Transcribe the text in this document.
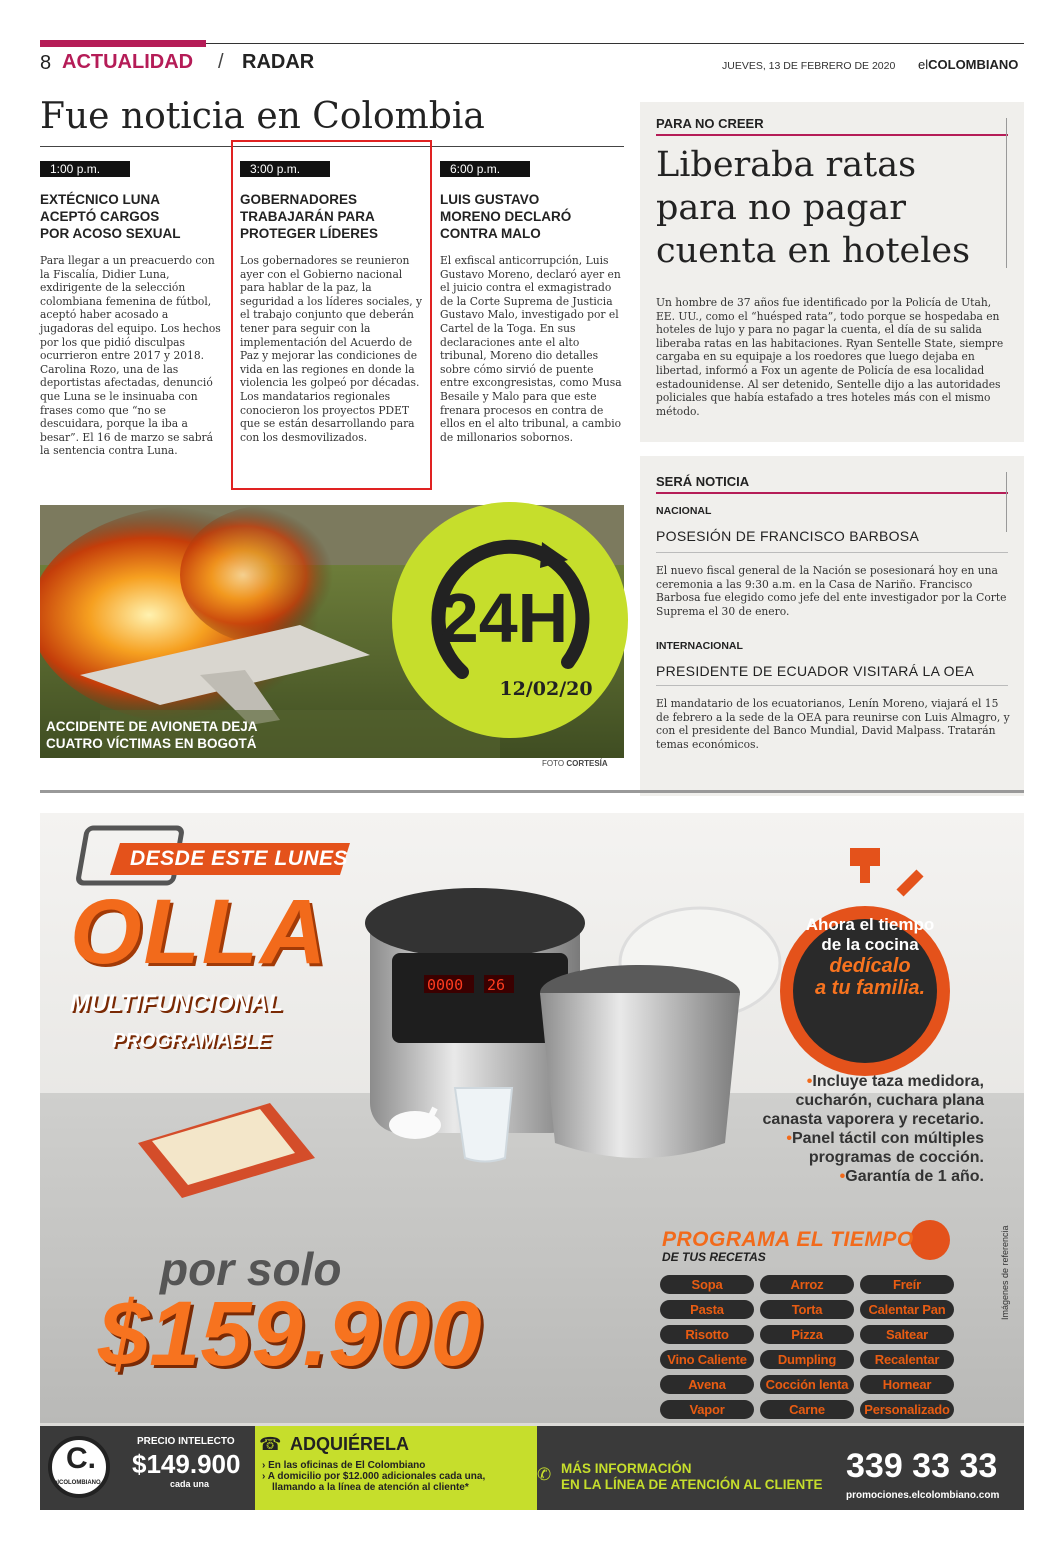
8 ACTUALIDAD / RADAR	JUEVES, 13 DE FEBRERO DE 2020 elCOLOMBIANO
Fue noticia en Colombia
1:00 p.m.
EXTÉCNICO LUNA
ACEPTÓ CARGOS
POR ACOSO SEXUAL
Para llegar a un preacuerdo con la Fiscalía, Didier Luna, exdirigente de la selección colombiana femenina de fútbol, aceptó haber acosado a jugadoras del equipo. Los hechos por los que pidió disculpas ocurrieron entre 2017 y 2018. Carolina Rozo, una de las deportistas afectadas, denunció que Luna se le insinuaba con frases como que “no se descuidara, porque la iba a besar”. El 16 de marzo se sabrá la sentencia contra Luna.
3:00 p.m.
GOBERNADORES
TRABAJARÁN PARA
PROTEGER LÍDERES
Los gobernadores se reunieron ayer con el Gobierno nacional para hablar de la paz, la seguridad a los líderes sociales, y el trabajo conjunto que deberán tener para seguir con la implementación del Acuerdo de Paz y mejorar las condiciones de vida en las regiones en donde la violencia les golpeó por décadas. Los mandatarios regionales conocieron los proyectos PDET que se están desarrollando para con los desmovilizados.
6:00 p.m.
LUIS GUSTAVO
MORENO DECLARÓ
CONTRA MALO
El exfiscal anticorrupción, Luis Gustavo Moreno, declaró ayer en el juicio contra el exmagistrado de la Corte Suprema de Justicia Gustavo Malo, investigado por el Cartel de la Toga. En sus declaraciones ante el alto tribunal, Moreno dio detalles sobre cómo sirvió de puente entre excongresistas, como Musa Besaile y Malo para que este frenara procesos en contra de ellos en el alto tribunal, a cambio de millonarios sobornos.
24H
12/02/20
ACCIDENTE DE AVIONETA DEJA
CUATRO VÍCTIMAS EN BOGOTÁ
FOTO CORTESÍA
PARA NO CREER
Liberaba ratas
para no pagar
cuenta en hoteles
Un hombre de 37 años fue identificado por la Policía de Utah, EE. UU., como el “huésped rata”, todo porque se hospedaba en hoteles de lujo y para no pagar la cuenta, el día de su salida liberaba ratas en las habitaciones. Ryan Sentelle State, siempre cargaba en su equipaje a los roedores que luego dejaba en libertad, informó a Fox un agente de Policía de esa localidad estadounidense. Al ser detenido, Sentelle dijo a las autoridades policiales que había estafado a tres hoteles más con el mismo método.
SERÁ NOTICIA
NACIONAL
POSESIÓN DE FRANCISCO BARBOSA
El nuevo fiscal general de la Nación se posesionará hoy en una ceremonia a las 9:30 a.m. en la Casa de Nariño. Francisco Barbosa fue elegido como jefe del ente investigador por la Corte Suprema el 30 de enero.
INTERNACIONAL
PRESIDENTE DE ECUADOR VISITARÁ LA OEA
El mandatario de los ecuatorianos, Lenín Moreno, viajará el 15 de febrero a la sede de la OEA para reunirse con Luis Almagro, y con el presidente del Banco Mundial, David Malpass. Tratarán temas económicos.
0000 26
DESDE ESTE LUNES
OLLA
MULTIFUNCIONAL
PROGRAMABLE
Ahora el tiempo
de la cocina
dedícalo
a tu familia.
•Incluye taza medidora,
cucharón, cuchara plana
canasta vaporera y recetario.
•Panel táctil con múltiples
programas de cocción.
•Garantía de 1 año.
PROGRAMA EL TIEMPO
DE TUS RECETAS
Sopa	Arroz	Freír
Pasta	Torta	Calentar Pan
Risotto	Pizza	Saltear
Vino Caliente	Dumpling	Recalentar
Avena	Cocción lenta	Hornear
Vapor	Carne	Personalizado
por solo
$159.900
Imágenes de referencia
C.
elCOLOMBIANO
PRECIO INTELECTO
$149.900
cada una
☎ ADQUIÉRELA
› En las oficinas de El Colombiano
› A domicilio por $12.000 adicionales cada una,
llamando a la línea de atención al cliente*
✆ MÁS INFORMACIÓN
EN LA LÍNEA DE ATENCIÓN AL CLIENTE 339 33 33
promociones.elcolombiano.com
